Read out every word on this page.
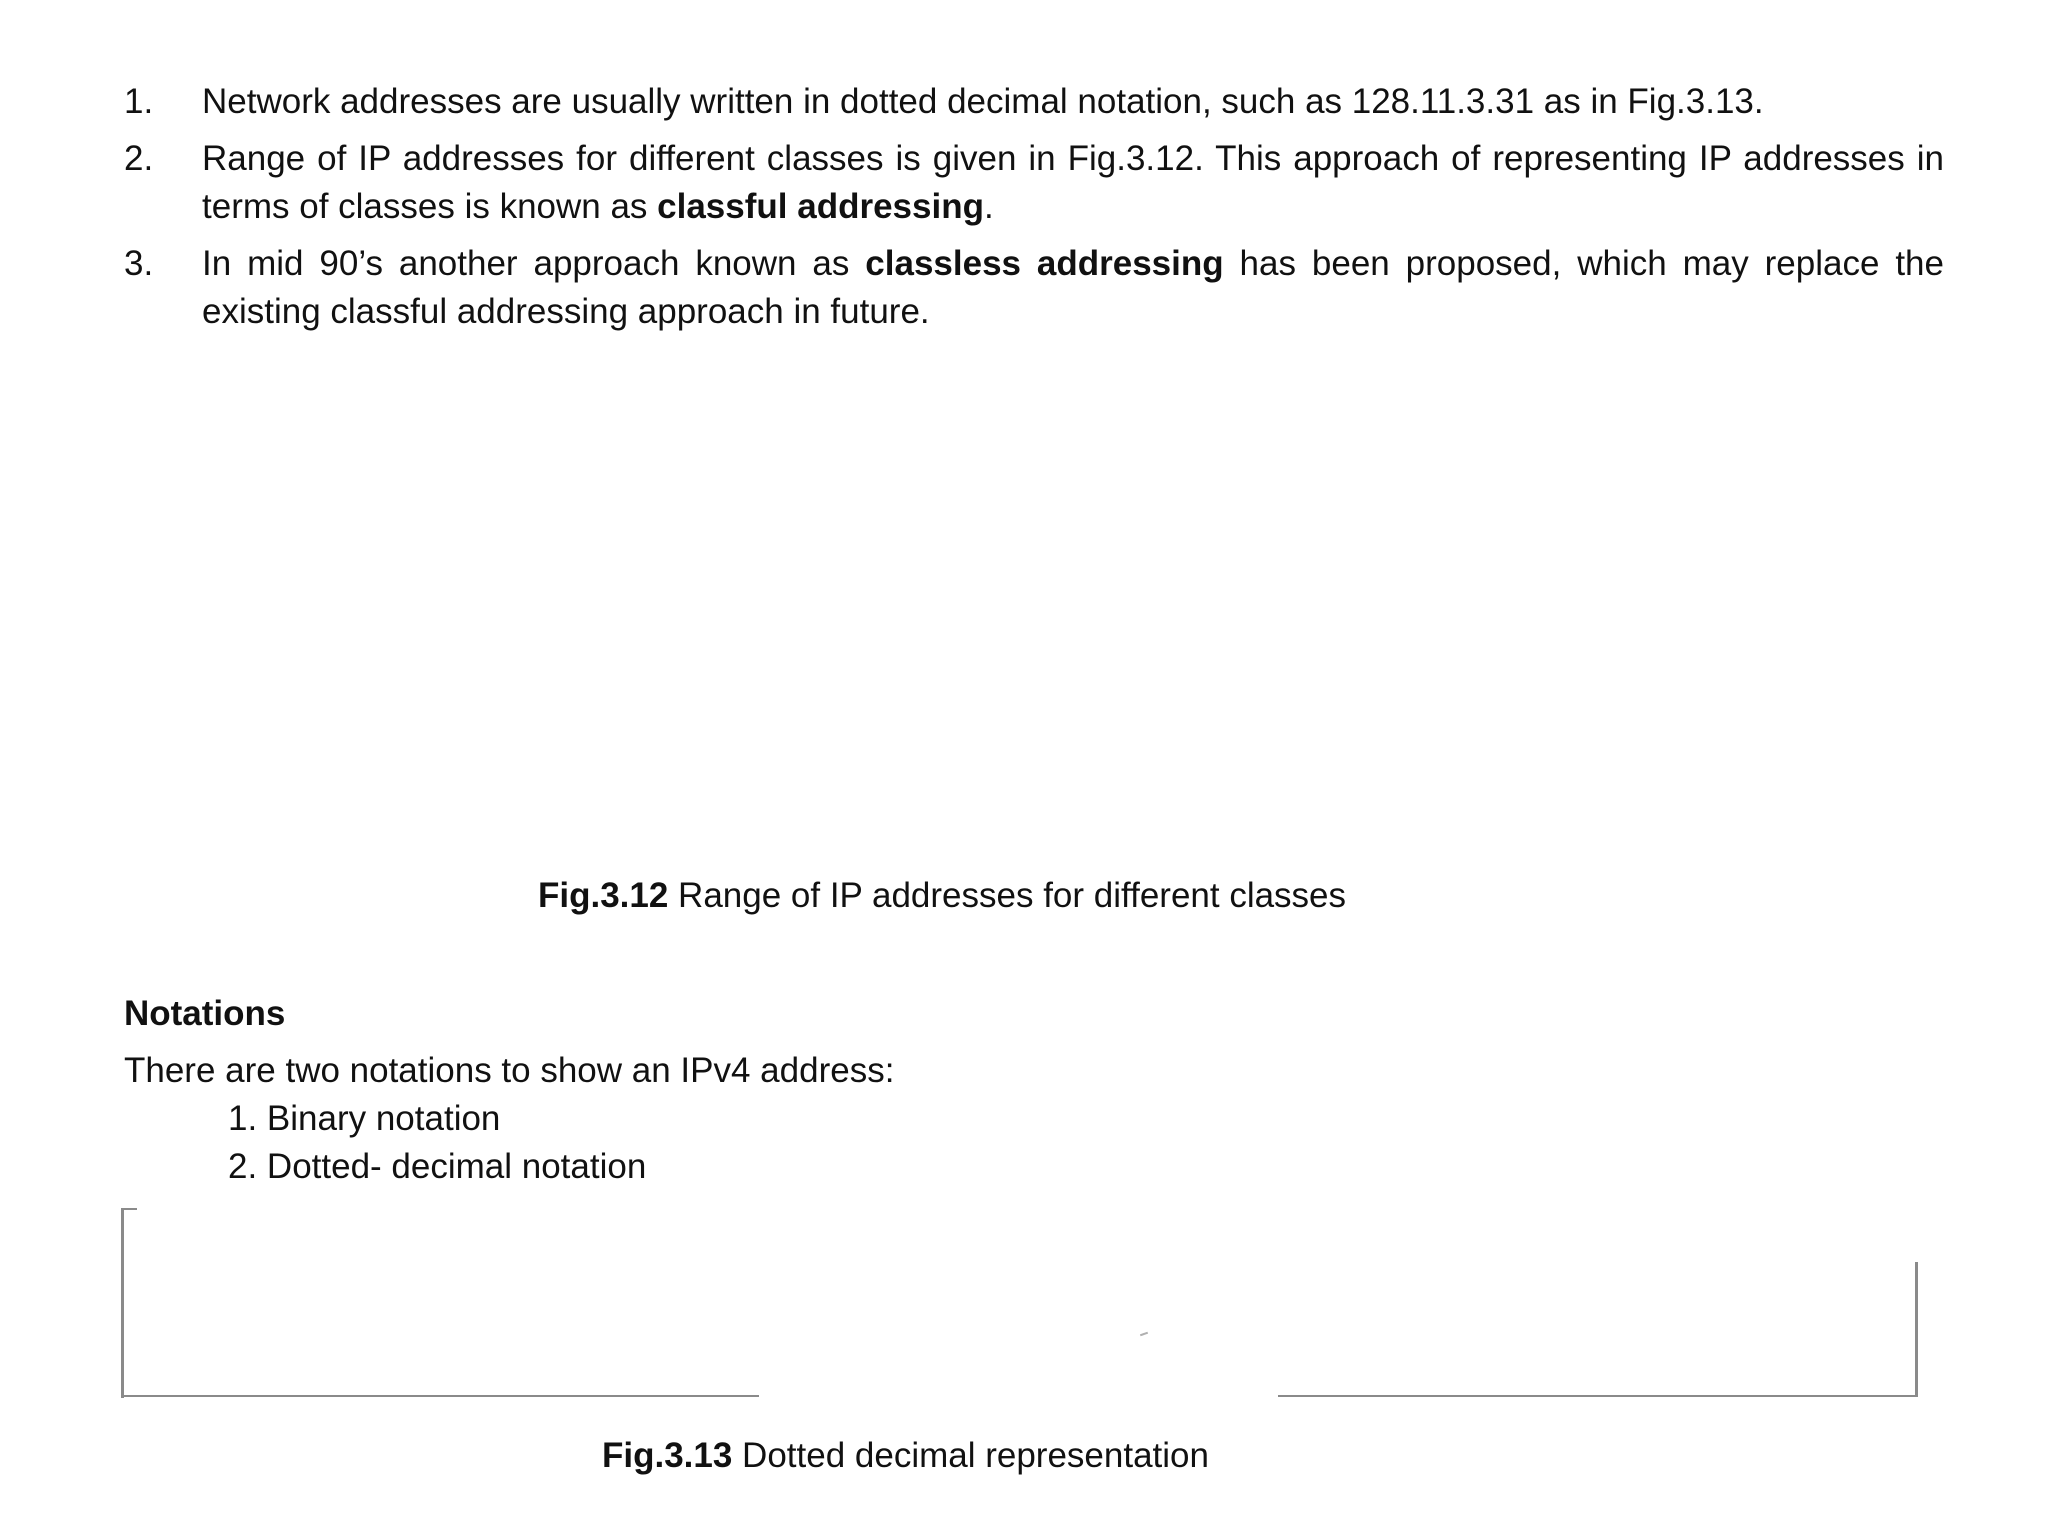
1.	Network addresses are usually written in dotted decimal notation, such as 128.11.3.31 as in Fig.3.13.
2.	Range of IP addresses for different classes is given in Fig.3.12. This approach of representing IP addresses in terms of classes is known as classful addressing.
3.	In mid 90’s another approach known as classless addressing has been proposed, which may replace the existing classful addressing approach in future.
Fig.3.12 Range of IP addresses for different classes
Notations
There are two notations to show an IPv4 address:
1. Binary notation
2. Dotted- decimal notation
Fig.3.13 Dotted decimal representation
